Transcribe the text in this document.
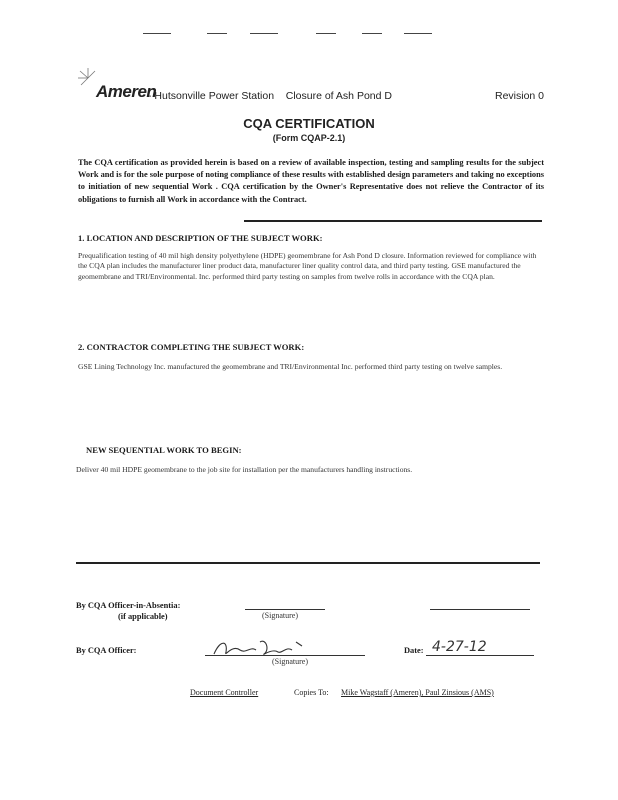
Ameren
- Hutsonville Power Station Closure of Ash Pond D	Revision 0
CQA CERTIFICATION
(Form CQAP-2.1)
The CQA certification as provided herein is based on a review of available inspection, testing and sampling results for the subject Work and is for the sole purpose of noting compliance of these results with established design parameters and taking no exceptions to initiation of new sequential Work . CQA certification by the Owner's Representative does not relieve the Contractor of its obligations to furnish all Work in accordance with the Contract.
1. LOCATION AND DESCRIPTION OF THE SUBJECT WORK:
Prequalification testing of 40 mil high density polyethylene (HDPE) geomembrane for Ash Pond D closure. Information reviewed for compliance with the CQA plan includes the manufacturer liner product data, manufacturer liner quality control data, and third party testing. GSE manufactured the geomembrane and TRI/Environmental. Inc. performed third party testing on samples from twelve rolls in accordance with the CQA plan.
2. CONTRACTOR COMPLETING THE SUBJECT WORK:
GSE Lining Technology Inc. manufactured the geomembrane and TRI/Environmental Inc. performed third party testing on twelve samples.
NEW SEQUENTIAL WORK TO BEGIN:
Deliver 40 mil HDPE geomembrane to the job site for installation per the manufacturers handling instructions.
By CQA Officer-in-Absentia:
(if applicable)	(Signature)
By CQA Officer:
(Signature)
Date: 4-27-12
Document Controller	Copies To: Mike Wagstaff (Ameren), Paul Zinsious (AMS)
